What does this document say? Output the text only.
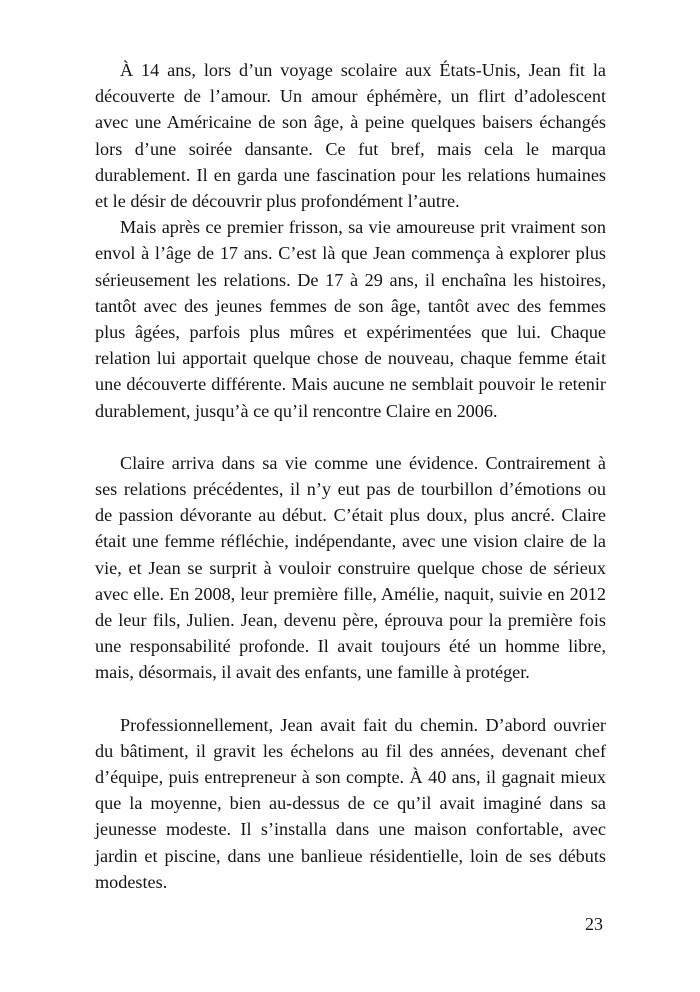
À 14 ans, lors d’un voyage scolaire aux États-Unis, Jean fit la découverte de l’amour. Un amour éphémère, un flirt d’adolescent avec une Américaine de son âge, à peine quelques baisers échangés lors d’une soirée dansante. Ce fut bref, mais cela le marqua durablement. Il en garda une fascination pour les relations humaines et le désir de découvrir plus profondément l’autre.

Mais après ce premier frisson, sa vie amoureuse prit vraiment son envol à l’âge de 17 ans. C’est là que Jean commença à explorer plus sérieusement les relations. De 17 à 29 ans, il enchaîna les histoires, tantôt avec des jeunes femmes de son âge, tantôt avec des femmes plus âgées, parfois plus mûres et expérimentées que lui. Chaque relation lui apportait quelque chose de nouveau, chaque femme était une découverte différente. Mais aucune ne semblait pouvoir le retenir durablement, jusqu’à ce qu’il rencontre Claire en 2006.

Claire arriva dans sa vie comme une évidence. Contrairement à ses relations précédentes, il n’y eut pas de tourbillon d’émotions ou de passion dévorante au début. C’était plus doux, plus ancré. Claire était une femme réfléchie, indépendante, avec une vision claire de la vie, et Jean se surprit à vouloir construire quelque chose de sérieux avec elle. En 2008, leur première fille, Amélie, naquit, suivie en 2012 de leur fils, Julien. Jean, devenu père, éprouva pour la première fois une responsabilité profonde. Il avait toujours été un homme libre, mais, désormais, il avait des enfants, une famille à protéger.

Professionnellement, Jean avait fait du chemin. D’abord ouvrier du bâtiment, il gravit les échelons au fil des années, devenant chef d’équipe, puis entrepreneur à son compte. À 40 ans, il gagnait mieux que la moyenne, bien au-dessus de ce qu’il avait imaginé dans sa jeunesse modeste. Il s’installa dans une maison confortable, avec jardin et piscine, dans une banlieue résidentielle, loin de ses débuts modestes.

23
